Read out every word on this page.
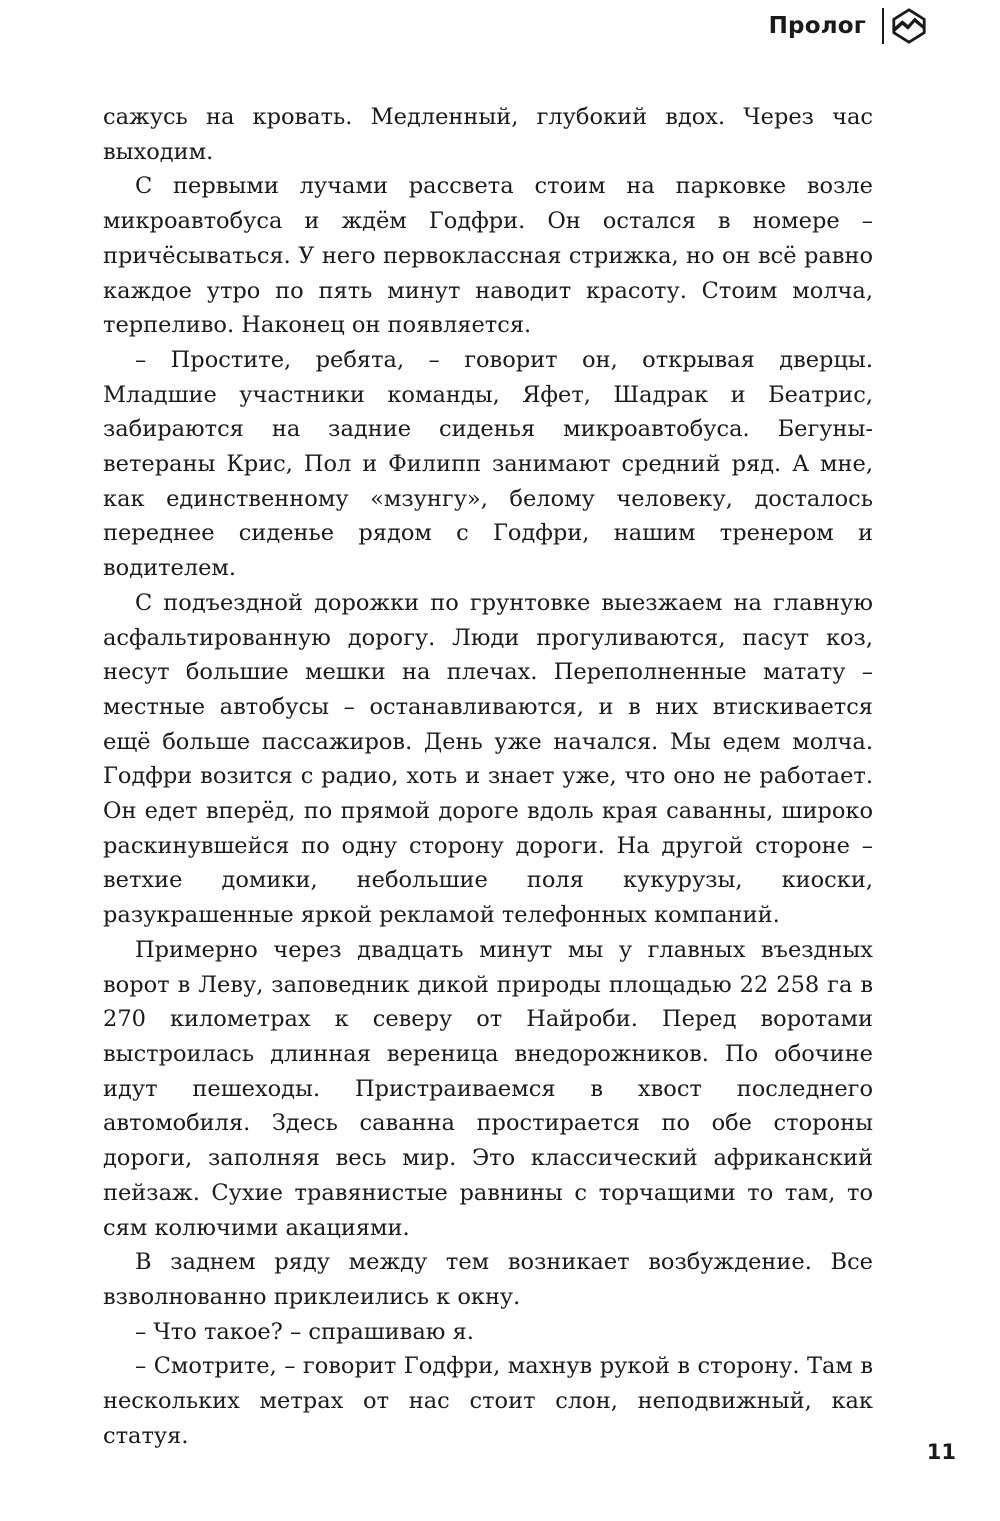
Пролог

сажусь на кровать. Медленный, глубокий вдох. Через час выходим.

С первыми лучами рассвета стоим на парковке возле микроавтобуса и ждём Годфри. Он остался в номере – причёсываться. У него первоклассная стрижка, но он всё равно каждое утро по пять минут наводит красоту. Стоим молча, терпеливо. Наконец он появляется.

– Простите, ребята, – говорит он, открывая дверцы. Младшие участники команды, Яфет, Шадрак и Беатрис, забираются на задние сиденья микроавтобуса. Бегуны-ветераны Крис, Пол и Филипп занимают средний ряд. А мне, как единственному «мзунгу», белому человеку, досталось переднее сиденье рядом с Годфри, нашим тренером и водителем.

С подъездной дорожки по грунтовке выезжаем на главную асфальтированную дорогу. Люди прогуливаются, пасут коз, несут большие мешки на плечах. Переполненные матату – местные автобусы – останавливаются, и в них втискивается ещё больше пассажиров. День уже начался. Мы едем молча. Годфри возится с радио, хоть и знает уже, что оно не работает. Он едет вперёд, по прямой дороге вдоль края саванны, широко раскинувшейся по одну сторону дороги. На другой стороне – ветхие домики, небольшие поля кукурузы, киоски, разукрашенные яркой рекламой телефонных компаний.

Примерно через двадцать минут мы у главных въездных ворот в Леву, заповедник дикой природы площадью 22 258 га в 270 километрах к северу от Найроби. Перед воротами выстроилась длинная вереница внедорожников. По обочине идут пешеходы. Пристраиваемся в хвост последнего автомобиля. Здесь саванна простирается по обе стороны дороги, заполняя весь мир. Это классический африканский пейзаж. Сухие травянистые равнины с торчащими то там, то сям колючими акациями.

В заднем ряду между тем возникает возбуждение. Все взволнованно приклеились к окну.

– Что такое? – спрашиваю я.

– Смотрите, – говорит Годфри, махнув рукой в сторону. Там в нескольких метрах от нас стоит слон, неподвижный, как статуя.

11
